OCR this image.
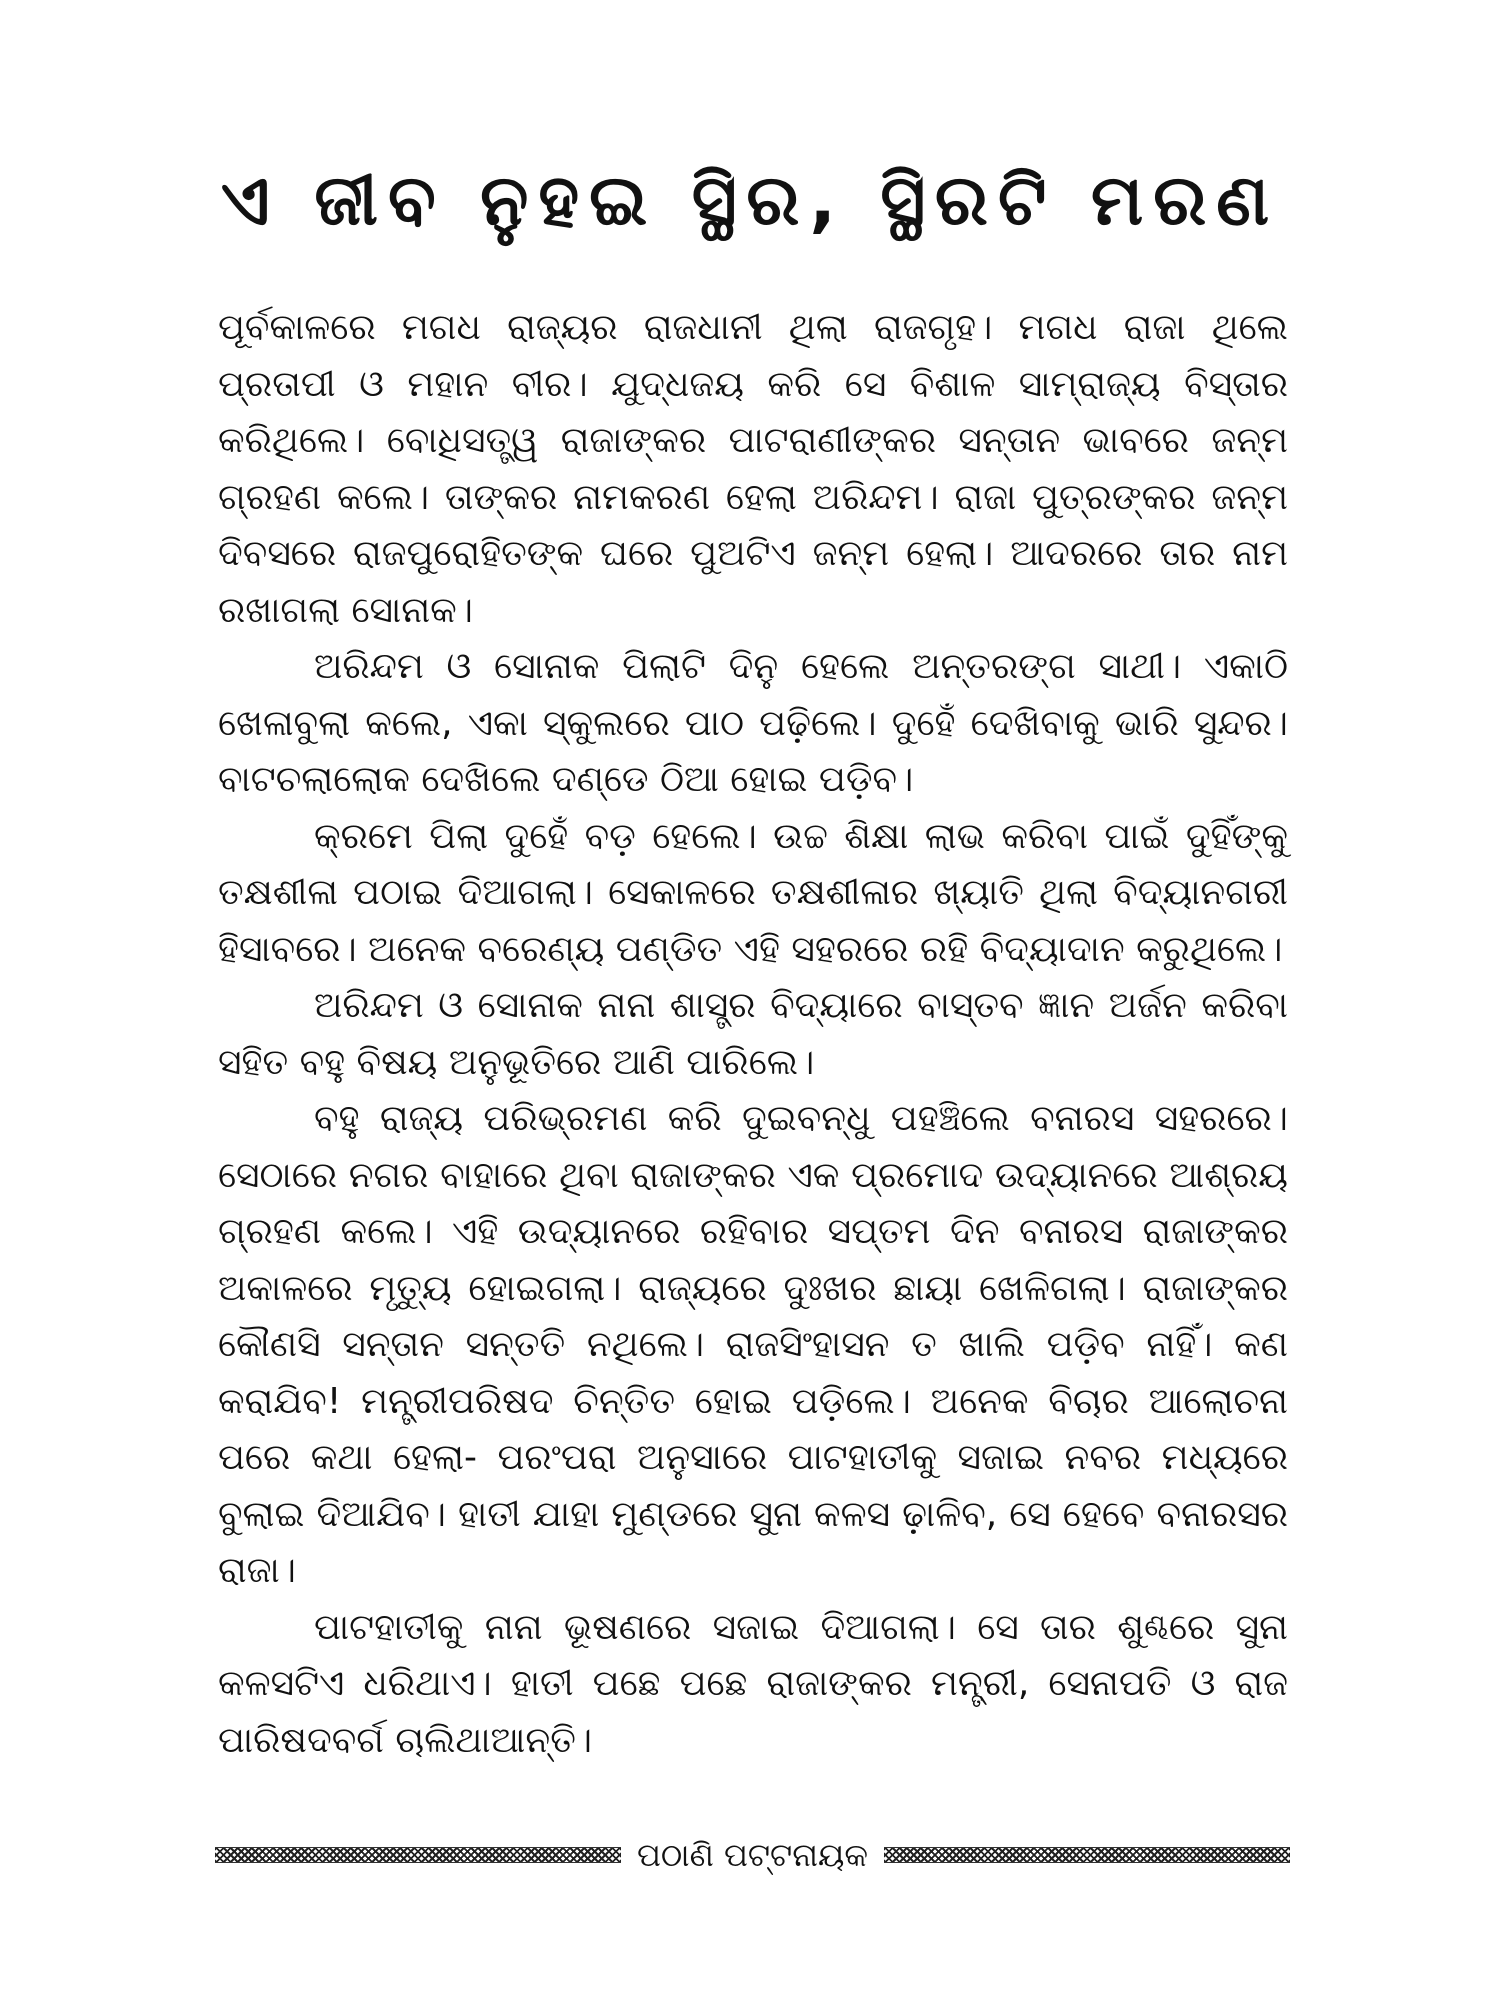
ଏ ଜୀବ ନୁହଇ ସ୍ଥିର, ସ୍ଥିରଟି ମରଣ

ପୂର୍ବକାଳରେ ମଗଧ ରାଜ୍ୟର ରାଜଧାନୀ ଥିଲା ରାଜଗୃହ। ମଗଧ ରାଜା ଥିଲେ ପ୍ରତାପୀ ଓ ମହାନ ବୀର। ଯୁଦ୍ଧଜୟ କରି ସେ ବିଶାଳ ସାମ୍ରାଜ୍ୟ ବିସ୍ତାର କରିଥିଲେ। ବୋଧିସତ୍ତ୍ୱ ରାଜାଙ୍କର ପାଟରାଣୀଙ୍କର ସନ୍ତାନ ଭାବରେ ଜନ୍ମ ଗ୍ରହଣ କଲେ। ତାଙ୍କର ନାମକରଣ ହେଲା ଅରିନ୍ଦମ। ରାଜା ପୁତ୍ରଙ୍କର ଜନ୍ମ ଦିବସରେ ରାଜପୁରୋହିତଙ୍କ ଘରେ ପୁଅଟିଏ ଜନ୍ମ ହେଲା। ଆଦରରେ ତାର ନାମ ରଖାଗଲା ସୋନାକ।

ଅରିନ୍ଦମ ଓ ସୋନାକ ପିଲାଟି ଦିନୁ ହେଲେ ଅନ୍ତରଙ୍ଗ ସାଥୀ। ଏକାଠି ଖେଳାବୁଲା କଲେ, ଏକା ସ୍କୁଲରେ ପାଠ ପଢ଼ିଲେ। ଦୁହେଁ ଦେଖିବାକୁ ଭାରି ସୁନ୍ଦର। ବାଟଚଲାଲୋକ ଦେଖିଲେ ଦଣ୍ଡେ ଠିଆ ହୋଇ ପଡ଼ିବ।

କ୍ରମେ ପିଲା ଦୁହେଁ ବଡ଼ ହେଲେ। ଉଚ୍ଚ ଶିକ୍ଷା ଲାଭ କରିବା ପାଇଁ ଦୁହିଁଙ୍କୁ ତକ୍ଷଶୀଳା ପଠାଇ ଦିଆଗଲା। ସେକାଳରେ ତକ୍ଷଶୀଳାର ଖ୍ୟାତି ଥିଲା ବିଦ୍ୟାନଗରୀ ହିସାବରେ। ଅନେକ ବରେଣ୍ୟ ପଣ୍ଡିତ ଏହି ସହରରେ ରହି ବିଦ୍ୟାଦାନ କରୁଥିଲେ।

ଅରିନ୍ଦମ ଓ ସୋନାକ ନାନା ଶାସ୍ତ୍ର ବିଦ୍ୟାରେ ବାସ୍ତବ ଜ୍ଞାନ ଅର୍ଜନ କରିବା ସହିତ ବହୁ ବିଷୟ ଅନୁଭୂତିରେ ଆଣି ପାରିଲେ।

ବହୁ ରାଜ୍ୟ ପରିଭ୍ରମଣ କରି ଦୁଇବନ୍ଧୁ ପହଞ୍ଚିଲେ ବନାରସ ସହରରେ। ସେଠାରେ ନଗର ବାହାରେ ଥିବା ରାଜାଙ୍କର ଏକ ପ୍ରମୋଦ ଉଦ୍ୟାନରେ ଆଶ୍ରୟ ଗ୍ରହଣ କଲେ। ଏହି ଉଦ୍ୟାନରେ ରହିବାର ସପ୍ତମ ଦିନ ବନାରସ ରାଜାଙ୍କର ଅକାଳରେ ମୃତ୍ୟୁ ହୋଇଗଲା। ରାଜ୍ୟରେ ଦୁଃଖର ଛାୟା ଖେଳିଗଲା। ରାଜାଙ୍କର କୌଣସି ସନ୍ତାନ ସନ୍ତତି ନଥିଲେ। ରାଜସିଂହାସନ ତ ଖାଲି ପଡ଼ିବ ନାହିଁ। କଣ କରାଯିବ! ମନ୍ତ୍ରୀପରିଷଦ ଚିନ୍ତିତ ହୋଇ ପଡ଼ିଲେ। ଅନେକ ବିଚାର ଆଲୋଚନା ପରେ କଥା ହେଲା- ପରଂପରା ଅନୁସାରେ ପାଟହାତୀକୁ ସଜାଇ ନବର ମଧ୍ୟରେ ବୁଲାଇ ଦିଆଯିବ। ହାତୀ ଯାହା ମୁଣ୍ଡରେ ସୁନା କଳସ ଢ଼ାଳିବ, ସେ ହେବେ ବନାରସର ରାଜା।

ପାଟହାତୀକୁ ନାନା ଭୂଷଣରେ ସଜାଇ ଦିଆଗଲା। ସେ ତାର ଶୁଣ୍ଢରେ ସୁନା କଳସଟିଏ ଧରିଥାଏ। ହାତୀ ପଛେ ପଛେ ରାଜାଙ୍କର ମନ୍ତ୍ରୀ, ସେନାପତି ଓ ରାଜ ପାରିଷଦବର୍ଗ ଚାଲିଥାଆନ୍ତି।

ପଠାଣି ପଟ୍ଟନାୟକ
